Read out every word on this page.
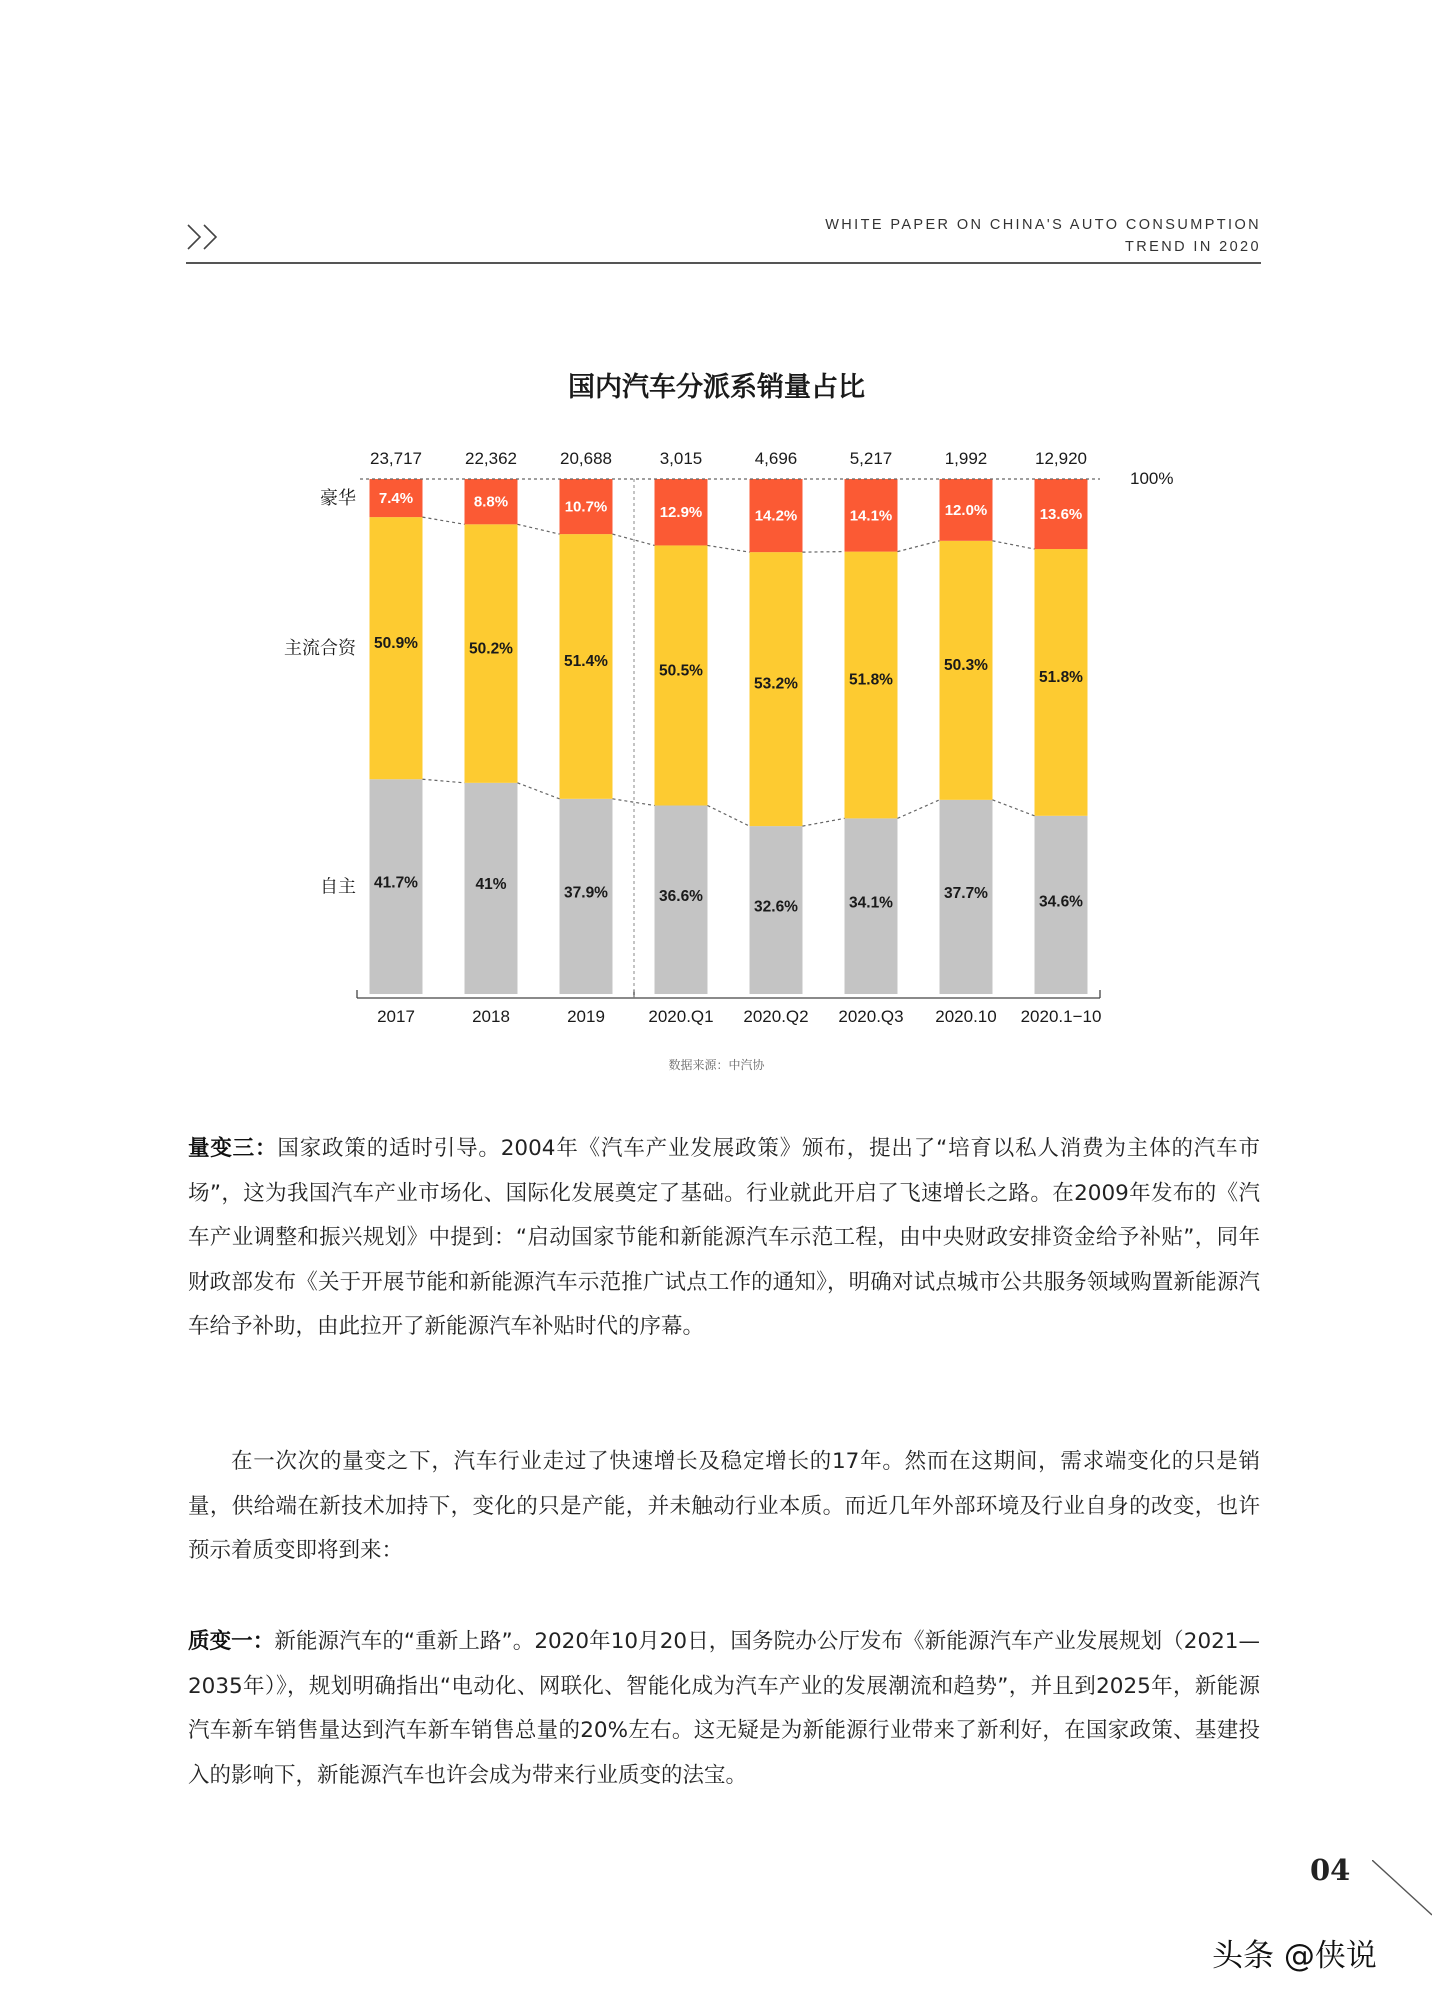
WHITE PAPER ON CHINA'S AUTO CONSUMPTION
TREND IN 2020
国内汽车分派系销量占比
41.7%
50.9%
7.4%
23,717
2017
41%
50.2%
8.8%
22,362
2018
37.9%
51.4%
10.7%
20,688
2019
36.6%
50.5%
12.9%
3,015
2020.Q1
32.6%
53.2%
14.2%
4,696
2020.Q2
34.1%
51.8%
14.1%
5,217
2020.Q3
37.7%
50.3%
12.0%
1,992
2020.10
34.6%
51.8%
13.6%
12,920
2020.1−10
100%
自主
主流合资
豪华
数据来源：中汽协

量变三：国家政策的适时引导。2004年《汽车产业发展政策》颁布，提出了“培育以私人消费为主体的汽车市场”，这为我国汽车产业市场化、国际化发展奠定了基础。行业就此开启了飞速增长之路。在2009年发布的《汽车产业调整和振兴规划》中提到：“启动国家节能和新能源汽车示范工程，由中央财政安排资金给予补贴”，同年财政部发布《关于开展节能和新能源汽车示范推广试点工作的通知》，明确对试点城市公共服务领域购置新能源汽车给予补助，由此拉开了新能源汽车补贴时代的序幕。

在一次次的量变之下，汽车行业走过了快速增长及稳定增长的17年。然而在这期间，需求端变化的只是销量，供给端在新技术加持下，变化的只是产能，并未触动行业本质。而近几年外部环境及行业自身的改变，也许预示着质变即将到来：

质变一：新能源汽车的“重新上路”。2020年10月20日，国务院办公厅发布《新能源汽车产业发展规划（2021—2035年）》，规划明确指出“电动化、网联化、智能化成为汽车产业的发展潮流和趋势”，并且到2025年，新能源汽车新车销售量达到汽车新车销售总量的20%左右。这无疑是为新能源行业带来了新利好，在国家政策、基建投入的影响下，新能源汽车也许会成为带来行业质变的法宝。

04
头条 @侠说
